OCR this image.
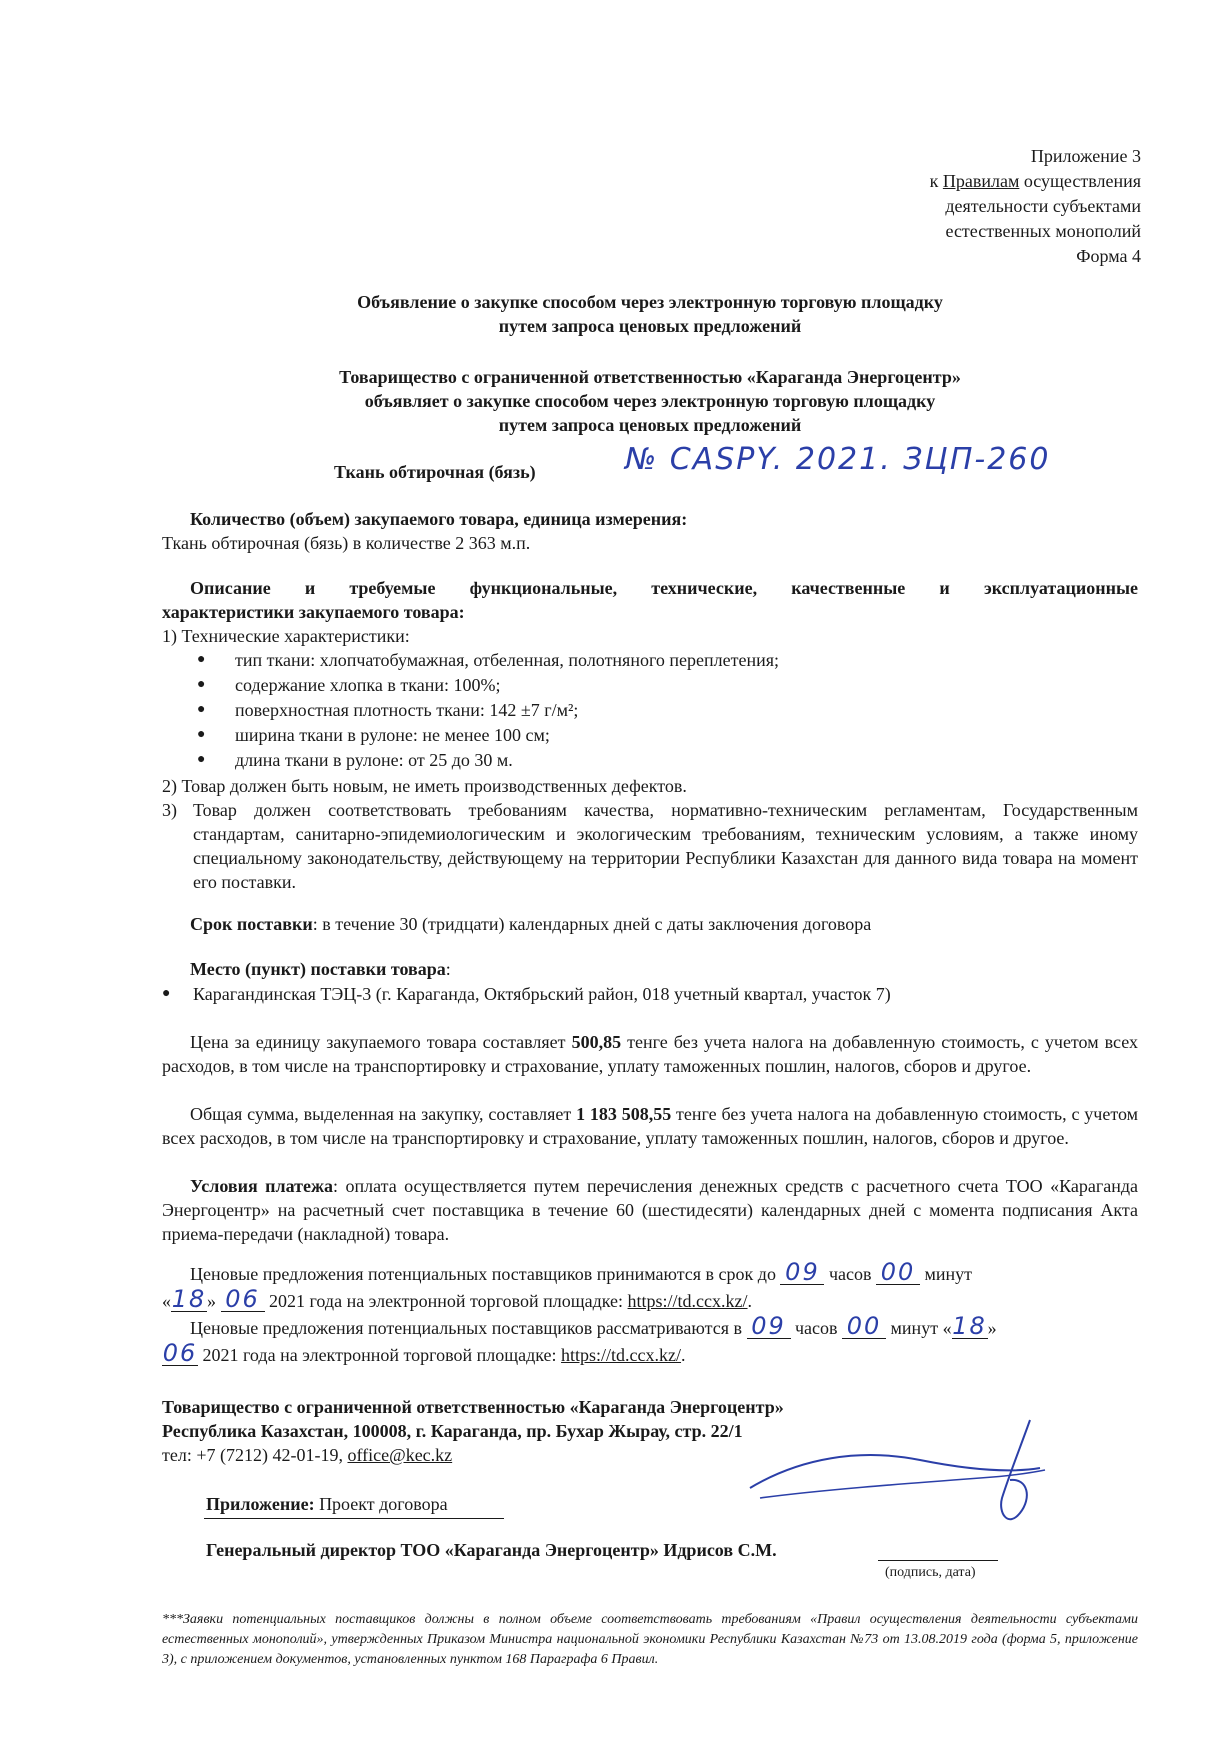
Приложение 3
к Правилам осуществления
деятельности субъектами
естественных монополий
Форма 4
Объявление о закупке способом через электронную торговую площадку
путем запроса ценовых предложений
Товарищество с ограниченной ответственностью «Караганда Энергоцентр»
объявляет о закупке способом через электронную торговую площадку
путем запроса ценовых предложений
Ткань обтирочная (бязь)	№ CASPY. 2021. ЗЦП-260
Количество (объем) закупаемого товара, единица измерения:
Ткань обтирочная (бязь) в количестве 2 363 м.п.
Описание и требуемые функциональные, технические, качественные и эксплуатационные
характеристики закупаемого товара:
1) Технические характеристики:
● тип ткани: хлопчатобумажная, отбеленная, полотняного переплетения;
● содержание хлопка в ткани: 100%;
● поверхностная плотность ткани: 142 ±7 г/м²;
● ширина ткани в рулоне: не менее 100 см;
● длина ткани в рулоне: от 25 до 30 м.
2) Товар должен быть новым, не иметь производственных дефектов.
3) Товар должен соответствовать требованиям качества, нормативно-техническим регламентам, Государственным стандартам, санитарно-эпидемиологическим и экологическим требованиям, техническим условиям, а также иному специальному законодательству, действующему на территории Республики Казахстан для данного вида товара на момент его поставки.
Срок поставки: в течение 30 (тридцати) календарных дней с даты заключения договора
Место (пункт) поставки товара:
● Карагандинская ТЭЦ-3 (г. Караганда, Октябрьский район, 018 учетный квартал, участок 7)
Цена за единицу закупаемого товара составляет 500,85 тенге без учета налога на добавленную стоимость, с учетом всех расходов, в том числе на транспортировку и страхование, уплату таможенных пошлин, налогов, сборов и другое.
Общая сумма, выделенная на закупку, составляет 1 183 508,55 тенге без учета налога на добавленную стоимость, с учетом всех расходов, в том числе на транспортировку и страхование, уплату таможенных пошлин, налогов, сборов и другое.
Условия платежа: оплата осуществляется путем перечисления денежных средств с расчетного счета ТОО «Караганда Энергоцентр» на расчетный счет поставщика в течение 60 (шестидесяти) календарных дней с момента подписания Акта приема-передачи (накладной) товара.
Ценовые предложения потенциальных поставщиков принимаются в срок до 09 часов 00 минут
«18» 06 2021 года на электронной торговой площадке: https://td.ccx.kz/.
Ценовые предложения потенциальных поставщиков рассматриваются в 09 часов 00 минут «18»
06 2021 года на электронной торговой площадке: https://td.ccx.kz/.
Товарищество с ограниченной ответственностью «Караганда Энергоцентр»
Республика Казахстан, 100008, г. Караганда, пр. Бухар Жырау, стр. 22/1
тел: +7 (7212) 42-01-19, office@kec.kz
Приложение: Проект договора
Генеральный директор ТОО «Караганда Энергоцентр» Идрисов С.М.
(подпись, дата)
***Заявки потенциальных поставщиков должны в полном объеме соответствовать требованиям «Правил осуществления деятельности субъектами естественных монополий», утвержденных Приказом Министра национальной экономики Республики Казахстан №73 от 13.08.2019 года (форма 5, приложение 3), с приложением документов, установленных пунктом 168 Параграфа 6 Правил.
